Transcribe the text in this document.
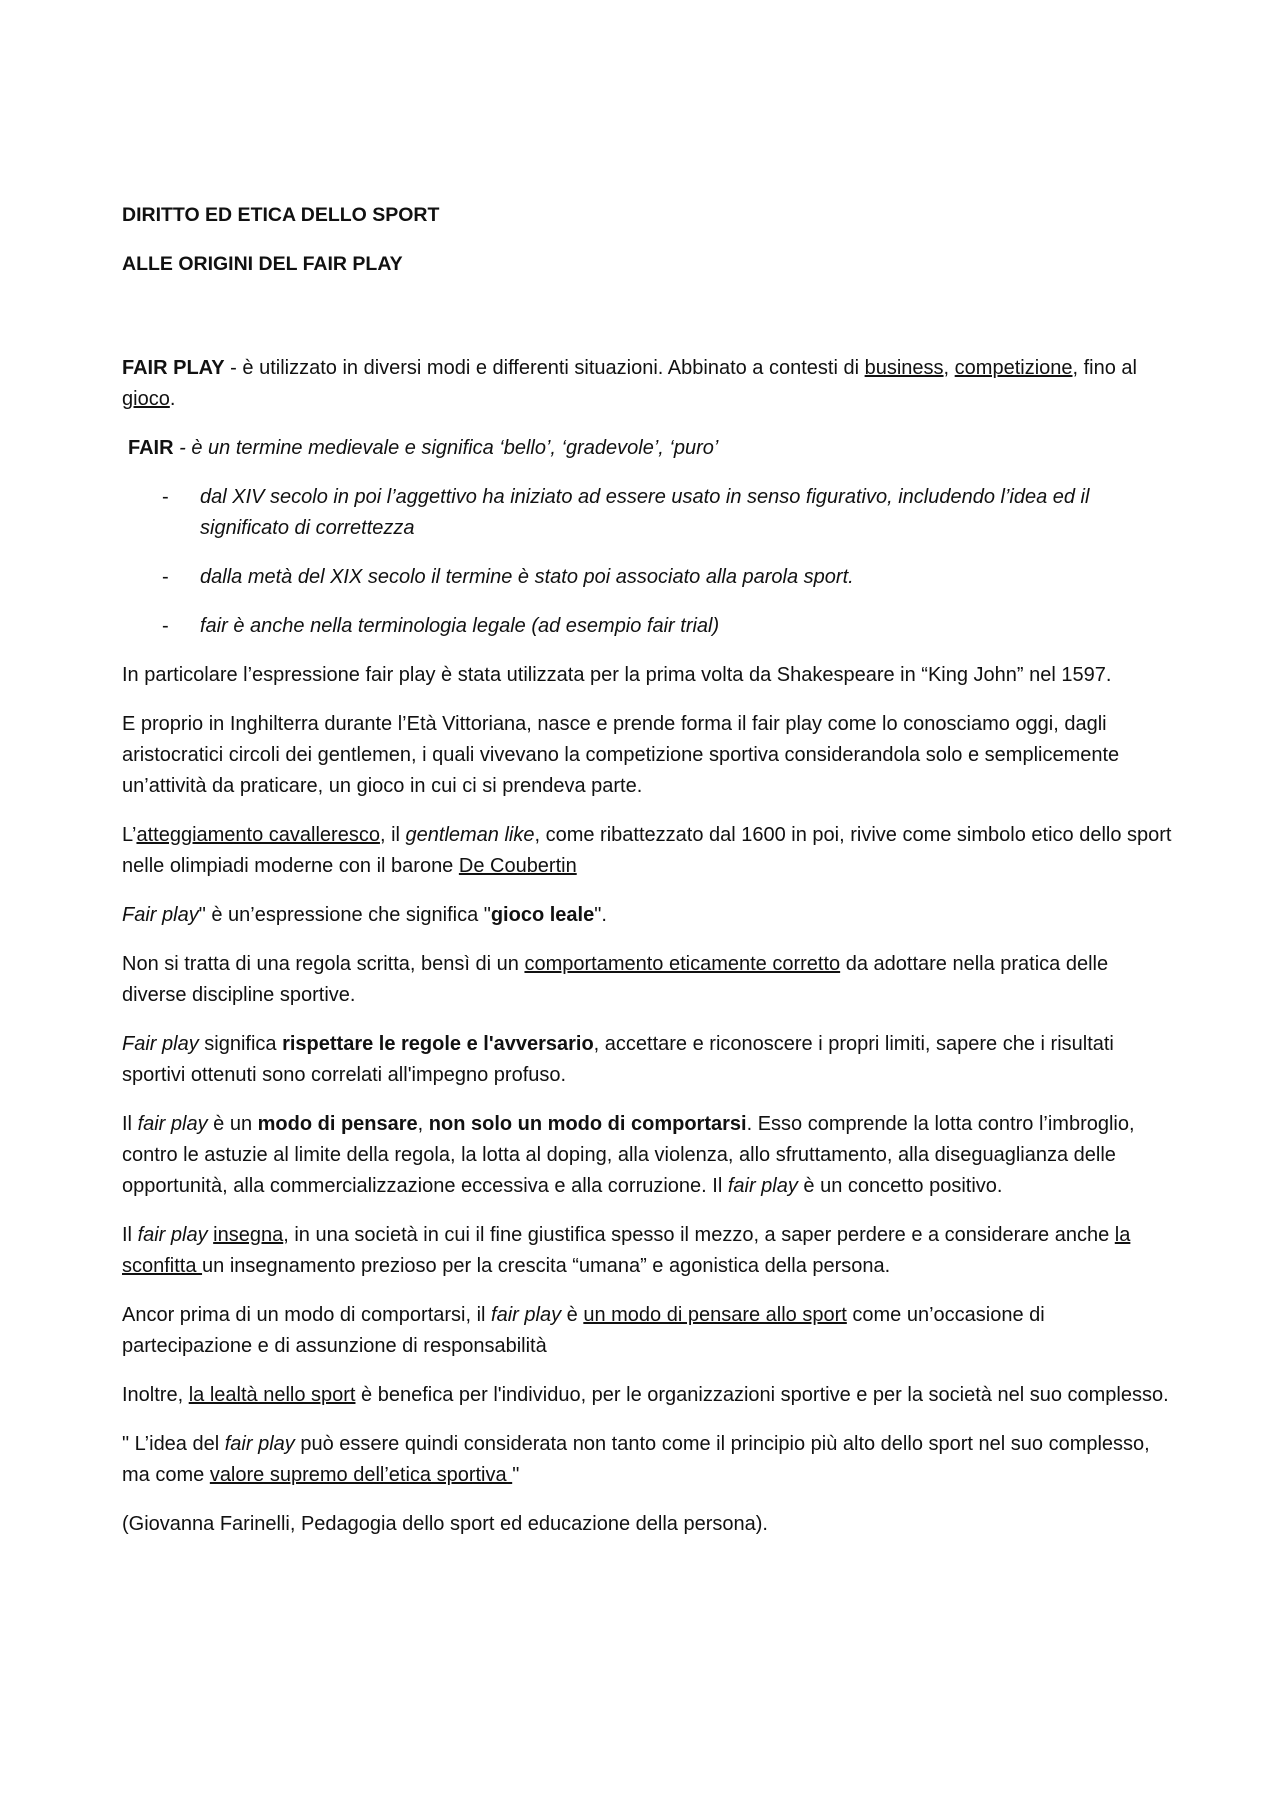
DIRITTO ED ETICA DELLO SPORT

ALLE ORIGINI DEL FAIR PLAY

FAIR PLAY - è utilizzato in diversi modi e differenti situazioni. Abbinato a contesti di business, competizione, fino al gioco.

FAIR - è un termine medievale e significa ‘bello’, ‘gradevole’, ‘puro’

- dal XIV secolo in poi l’aggettivo ha iniziato ad essere usato in senso figurativo, includendo l’idea ed il significato di correttezza
- dalla metà del XIX secolo il termine è stato poi associato alla parola sport.
- fair è anche nella terminologia legale (ad esempio fair trial)

In particolare l’espressione fair play è stata utilizzata per la prima volta da Shakespeare in “King John” nel 1597.

E proprio in Inghilterra durante l’Età Vittoriana, nasce e prende forma il fair play come lo conosciamo oggi, dagli aristocratici circoli dei gentlemen, i quali vivevano la competizione sportiva considerandola solo e semplicemente un’attività da praticare, un gioco in cui ci si prendeva parte.

L’atteggiamento cavalleresco, il gentleman like, come ribattezzato dal 1600 in poi, rivive come simbolo etico dello sport nelle olimpiadi moderne con il barone De Coubertin

Fair play" è un’espressione che significa "gioco leale".

Non si tratta di una regola scritta, bensì di un comportamento eticamente corretto da adottare nella pratica delle diverse discipline sportive.

Fair play significa rispettare le regole e l'avversario, accettare e riconoscere i propri limiti, sapere che i risultati sportivi ottenuti sono correlati all'impegno profuso.

Il fair play è un modo di pensare, non solo un modo di comportarsi. Esso comprende la lotta contro l’imbroglio, contro le astuzie al limite della regola, la lotta al doping, alla violenza, allo sfruttamento, alla diseguaglianza delle opportunità, alla commercializzazione eccessiva e alla corruzione. Il fair play è un concetto positivo.

Il fair play insegna, in una società in cui il fine giustifica spesso il mezzo, a saper perdere e a considerare anche la sconfitta un insegnamento prezioso per la crescita “umana” e agonistica della persona.

Ancor prima di un modo di comportarsi, il fair play è un modo di pensare allo sport come un’occasione di partecipazione e di assunzione di responsabilità

Inoltre, la lealtà nello sport è benefica per l'individuo, per le organizzazioni sportive e per la società nel suo complesso.

" L’idea del fair play può essere quindi considerata non tanto come il principio più alto dello sport nel suo complesso, ma come valore supremo dell’etica sportiva "

(Giovanna Farinelli, Pedagogia dello sport ed educazione della persona).
